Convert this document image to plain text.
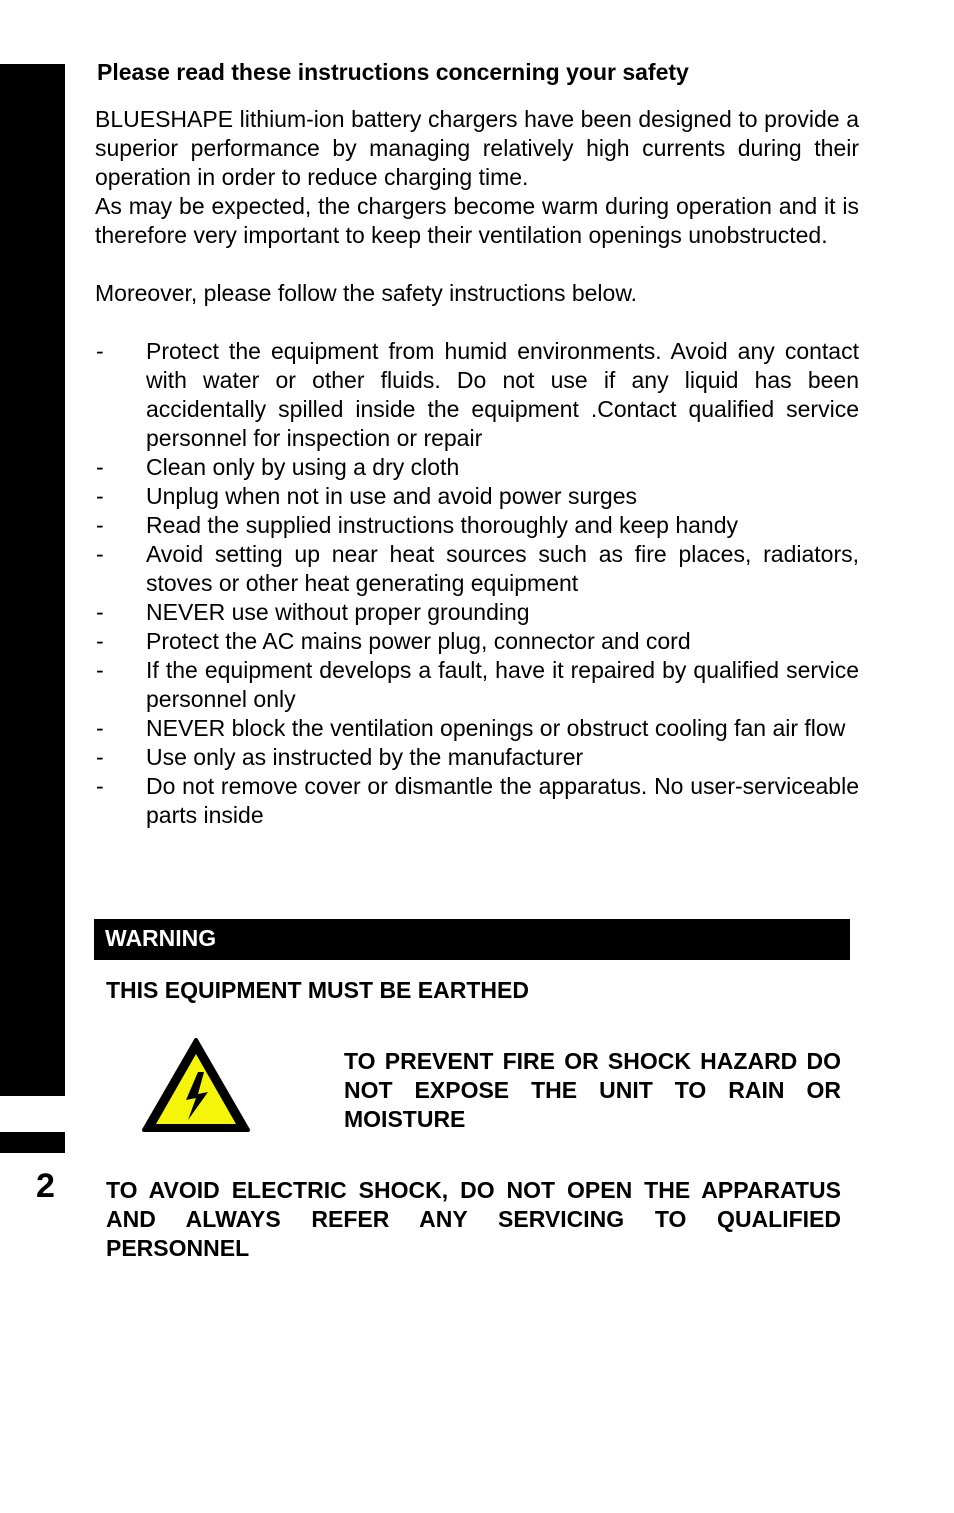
2
Please read these instructions concerning your safety

BLUESHAPE lithium-ion battery chargers have been designed to provide a superior performance by managing relatively high currents during their operation in order to reduce charging time.

As may be expected, the chargers become warm during operation and it is therefore very important to keep their ventilation openings unobstructed.

Moreover, please follow the safety instructions below.

- Protect the equipment from humid environments. Avoid any contact with water or other fluids. Do not use if any liquid has been accidentally spilled inside the equipment .Contact qualified service personnel for inspection or repair
- Clean only by using a dry cloth
- Unplug when not in use and avoid power surges
- Read the supplied instructions thoroughly and keep handy
- Avoid setting up near heat sources such as fire places, radiators, stoves or other heat generating equipment
- NEVER use without proper grounding
- Protect the AC mains power plug, connector and cord
- If the equipment develops a fault, have it repaired by qualified service personnel only
- NEVER block the ventilation openings or obstruct cooling fan air flow
- Use only as instructed by the manufacturer
- Do not remove cover or dismantle the apparatus. No user-serviceable parts inside
WARNING
THIS EQUIPMENT MUST BE EARTHED
TO PREVENT FIRE OR SHOCK HAZARD DO NOT EXPOSE THE UNIT TO RAIN OR MOISTURE
TO AVOID ELECTRIC SHOCK, DO NOT OPEN THE APPARATUS AND ALWAYS REFER ANY SERVICING TO QUALIFIED PERSONNEL
